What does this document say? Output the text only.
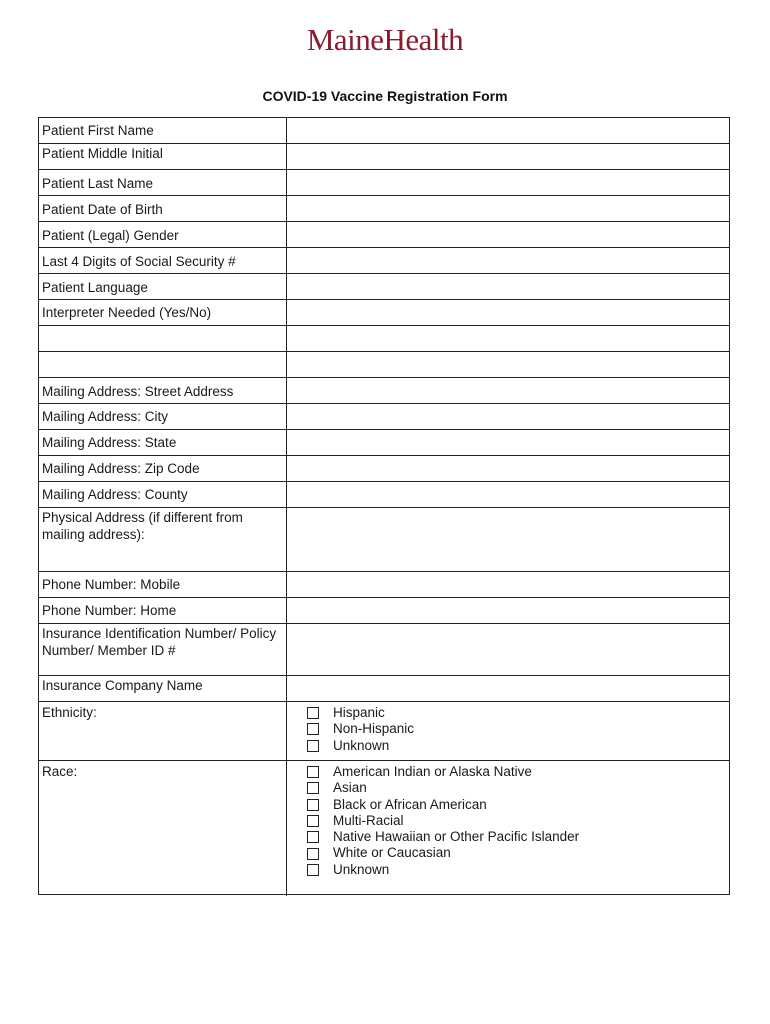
MaineHealth
COVID-19 Vaccine Registration Form
Patient First Name
Patient Middle Initial
Patient Last Name
Patient Date of Birth
Patient (Legal) Gender
Last 4 Digits of Social Security #
Patient Language
Interpreter Needed (Yes/No)
Mailing Address: Street Address
Mailing Address: City
Mailing Address: State
Mailing Address: Zip Code
Mailing Address: County
Physical Address (if different from
mailing address):
Phone Number: Mobile
Phone Number: Home
Insurance Identification Number/ Policy
Number/ Member ID #
Insurance Company Name
Ethnicity:	Hispanic
Non-Hispanic
Unknown
Race:	American Indian or Alaska Native
Asian
Black or African American
Multi-Racial
Native Hawaiian or Other Pacific Islander
White or Caucasian
Unknown
